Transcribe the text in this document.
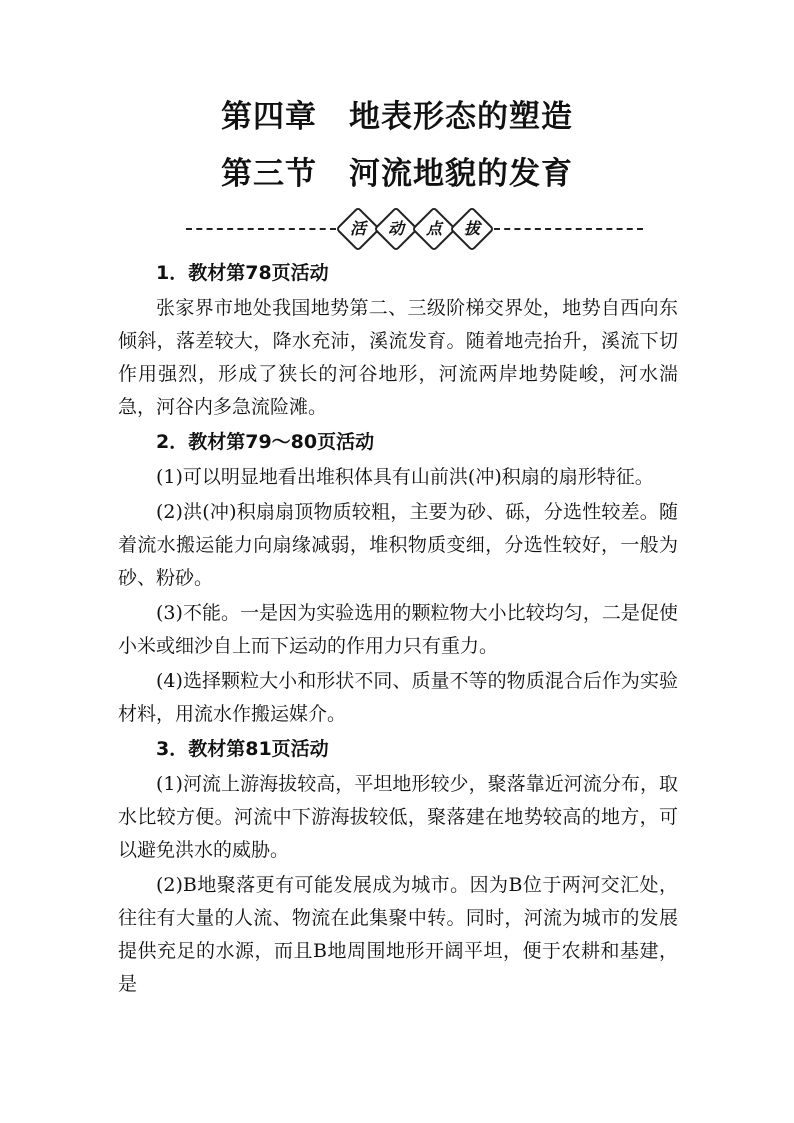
第四章　地表形态的塑造
第三节　河流地貌的发育
活 动 点 拔

1．教材第78页活动

张家界市地处我国地势第二、三级阶梯交界处，地势自西向东倾斜，落差较大，降水充沛，溪流发育。随着地壳抬升，溪流下切作用强烈，形成了狭长的河谷地形，河流两岸地势陡峻，河水湍急，河谷内多急流险滩。

2．教材第79～80页活动

(1)可以明显地看出堆积体具有山前洪(冲)积扇的扇形特征。

(2)洪(冲)积扇扇顶物质较粗，主要为砂、砾，分选性较差。随着流水搬运能力向扇缘减弱，堆积物质变细，分选性较好，一般为砂、粉砂。

(3)不能。一是因为实验选用的颗粒物大小比较均匀，二是促使小米或细沙自上而下运动的作用力只有重力。

(4)选择颗粒大小和形状不同、质量不等的物质混合后作为实验材料，用流水作搬运媒介。

3．教材第81页活动

(1)河流上游海拔较高，平坦地形较少，聚落靠近河流分布，取水比较方便。河流中下游海拔较低，聚落建在地势较高的地方，可以避免洪水的威胁。

(2)B地聚落更有可能发展成为城市。因为B位于两河交汇处，往往有大量的人流、物流在此集聚中转。同时，河流为城市的发展提供充足的水源，而且B地周围地形开阔平坦，便于农耕和基建，是
